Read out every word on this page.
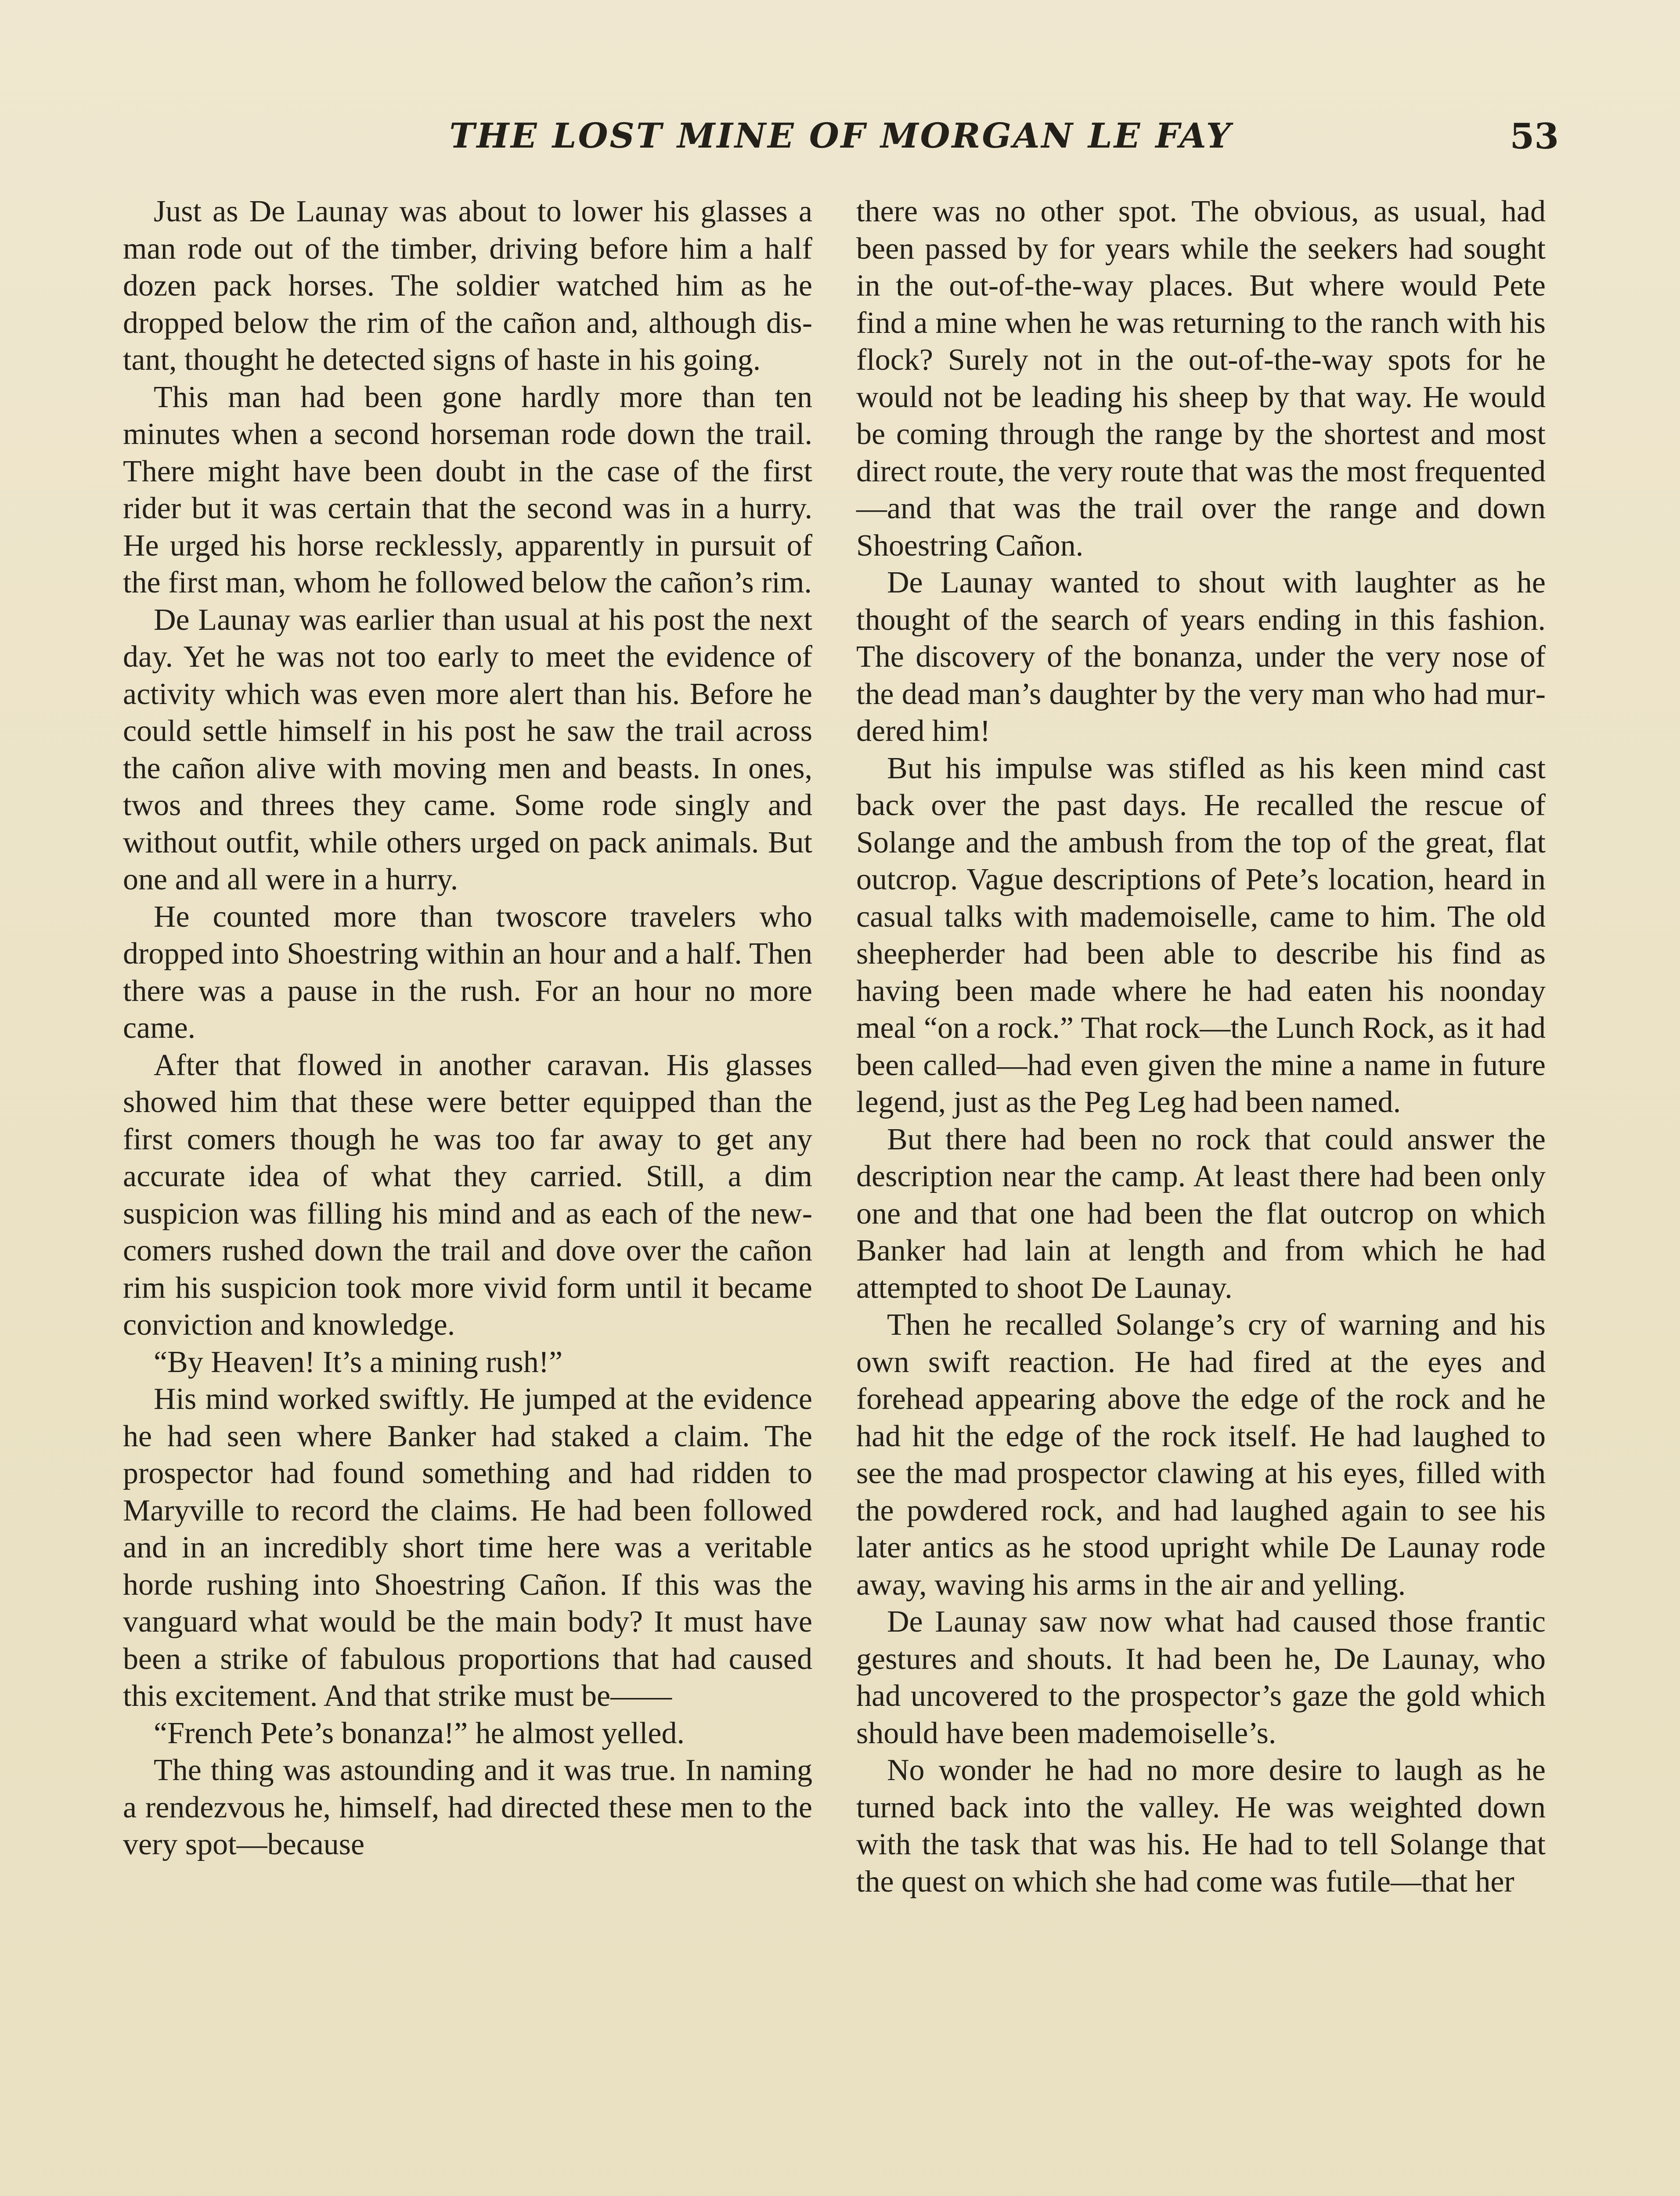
THE LOST MINE OF MORGAN LE FAY	53

Just as De Launay was about to lower his glasses a man rode out of the timber, driving before him a half dozen pack horses. The soldier watched him as he dropped below the rim of the cañon and, although distant, thought he detected signs of haste in his going.

This man had been gone hardly more than ten minutes when a second horseman rode down the trail. There might have been doubt in the case of the first rider but it was certain that the second was in a hurry. He urged his horse recklessly, apparently in pursuit of the first man, whom he followed below the cañon’s rim.

De Launay was earlier than usual at his post the next day. Yet he was not too early to meet the evidence of activity which was even more alert than his. Before he could settle himself in his post he saw the trail across the cañon alive with moving men and beasts. In ones, twos and threes they came. Some rode singly and without outfit, while others urged on pack animals. But one and all were in a hurry.

He counted more than twoscore travelers who dropped into Shoestring within an hour and a half. Then there was a pause in the rush. For an hour no more came.

After that flowed in another caravan. His glasses showed him that these were better equipped than the first comers though he was too far away to get any accurate idea of what they carried. Still, a dim suspicion was filling his mind and as each of the newcomers rushed down the trail and dove over the cañon rim his suspicion took more vivid form until it became conviction and knowledge.

“By Heaven! It’s a mining rush!”

His mind worked swiftly. He jumped at the evidence he had seen where Banker had staked a claim. The prospector had found something and had ridden to Maryville to record the claims. He had been followed and in an incredibly short time here was a veritable horde rushing into Shoestring Cañon. If this was the vanguard what would be the main body? It must have been a strike of fabulous proportions that had caused this excitement. And that strike must be——

“French Pete’s bonanza!” he almost yelled.

The thing was astounding and it was true. In naming a rendezvous he, himself, had directed these men to the very spot—because

there was no other spot. The obvious, as usual, had been passed by for years while the seekers had sought in the out-of-the-way places. But where would Pete find a mine when he was returning to the ranch with his flock? Surely not in the out-of-the-way spots for he would not be leading his sheep by that way. He would be coming through the range by the shortest and most direct route, the very route that was the most frequented—and that was the trail over the range and down Shoestring Cañon.

De Launay wanted to shout with laughter as he thought of the search of years ending in this fashion. The discovery of the bonanza, under the very nose of the dead man’s daughter by the very man who had murdered him!

But his impulse was stifled as his keen mind cast back over the past days. He recalled the rescue of Solange and the ambush from the top of the great, flat outcrop. Vague descriptions of Pete’s location, heard in casual talks with mademoiselle, came to him. The old sheepherder had been able to describe his find as having been made where he had eaten his noonday meal “on a rock.” That rock—the Lunch Rock, as it had been called—had even given the mine a name in future legend, just as the Peg Leg had been named.

But there had been no rock that could answer the description near the camp. At least there had been only one and that one had been the flat outcrop on which Banker had lain at length and from which he had attempted to shoot De Launay.

Then he recalled Solange’s cry of warning and his own swift reaction. He had fired at the eyes and forehead appearing above the edge of the rock and he had hit the edge of the rock itself. He had laughed to see the mad prospector clawing at his eyes, filled with the powdered rock, and had laughed again to see his later antics as he stood upright while De Launay rode away, waving his arms in the air and yelling.

De Launay saw now what had caused those frantic gestures and shouts. It had been he, De Launay, who had uncovered to the prospector’s gaze the gold which should have been mademoiselle’s.

No wonder he had no more desire to laugh as he turned back into the valley. He was weighted down with the task that was his. He had to tell Solange that the quest on which she had come was futile—that her
